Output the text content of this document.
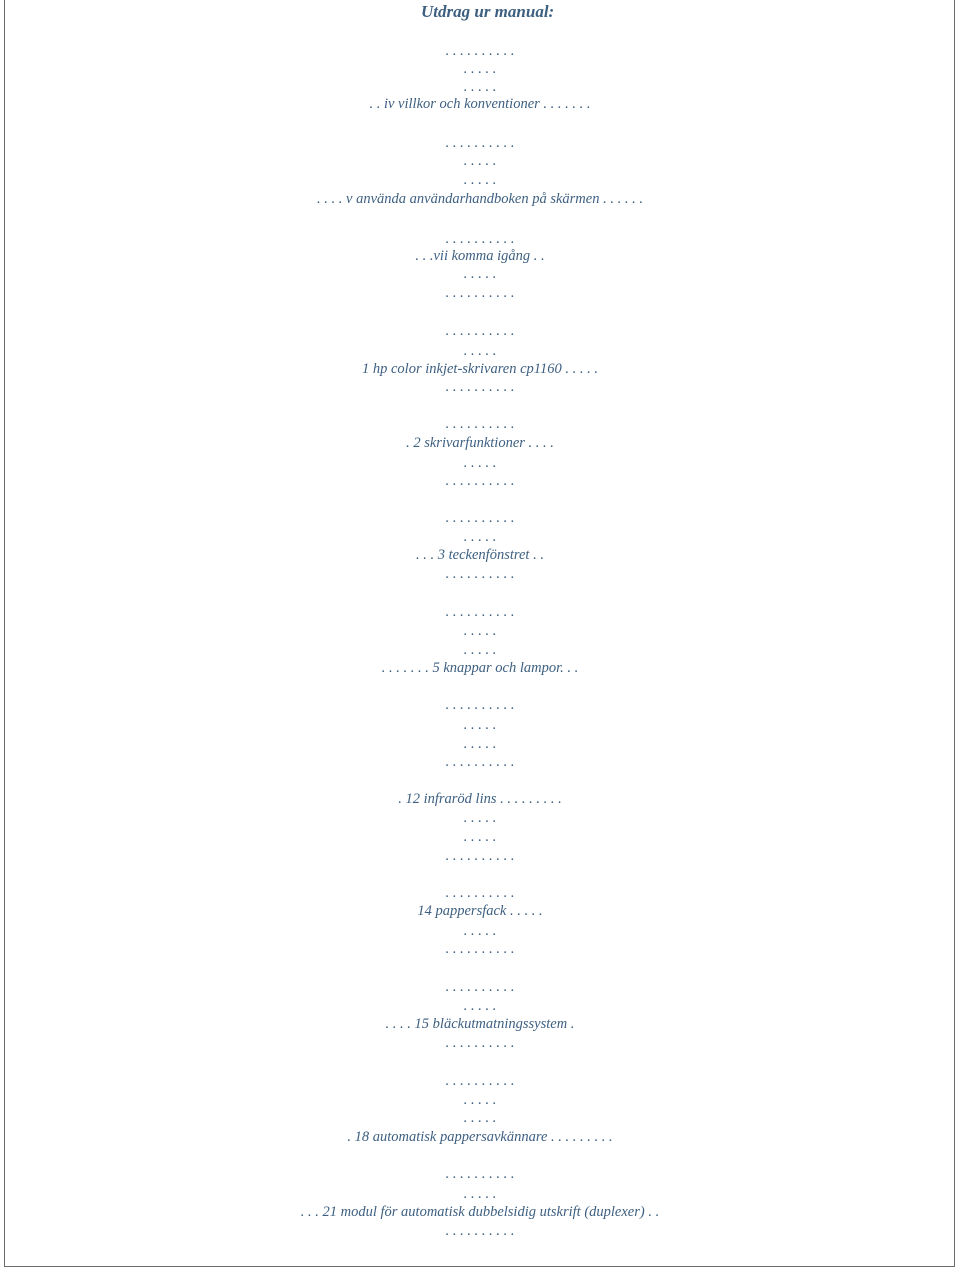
Utdrag ur manual:

. . . . . . . . . .

. . . . .

. . . . .

. . iv villkor och konventioner . . . . . . .

. . . . . . . . . .

. . . . .

. . . . .

. . . . v använda användarhandboken på skärmen . . . . . .

. . . . . . . . . .

. . .vii komma igång . .

. . . . .

. . . . . . . . . .

. . . . . . . . . .

. . . . .

1 hp color inkjet-skrivaren cp1160 . . . . .

. . . . . . . . . .

. . . . . . . . . .

. 2 skrivarfunktioner . . . .

. . . . .

. . . . . . . . . .

. . . . . . . . . .

. . . . .

. . . 3 teckenfönstret . .

. . . . . . . . . .

. . . . . . . . . .

. . . . .

. . . . .

. . . . . . . 5 knappar och lampor. . .

. . . . . . . . . .

. . . . .

. . . . .

. . . . . . . . . .

. 12 infraröd lins . . . . . . . . .

. . . . .

. . . . .

. . . . . . . . . .

. . . . . . . . . .

14 pappersfack . . . . .

. . . . .

. . . . . . . . . .

. . . . . . . . . .

. . . . .

. . . . 15 bläckutmatningssystem .

. . . . . . . . . .

. . . . . . . . . .

. . . . .

. . . . .

. 18 automatisk pappersavkännare . . . . . . . . .

. . . . . . . . . .

. . . . .

. . . 21 modul för automatisk dubbelsidig utskrift (duplexer) . .

. . . . . . . . . .
